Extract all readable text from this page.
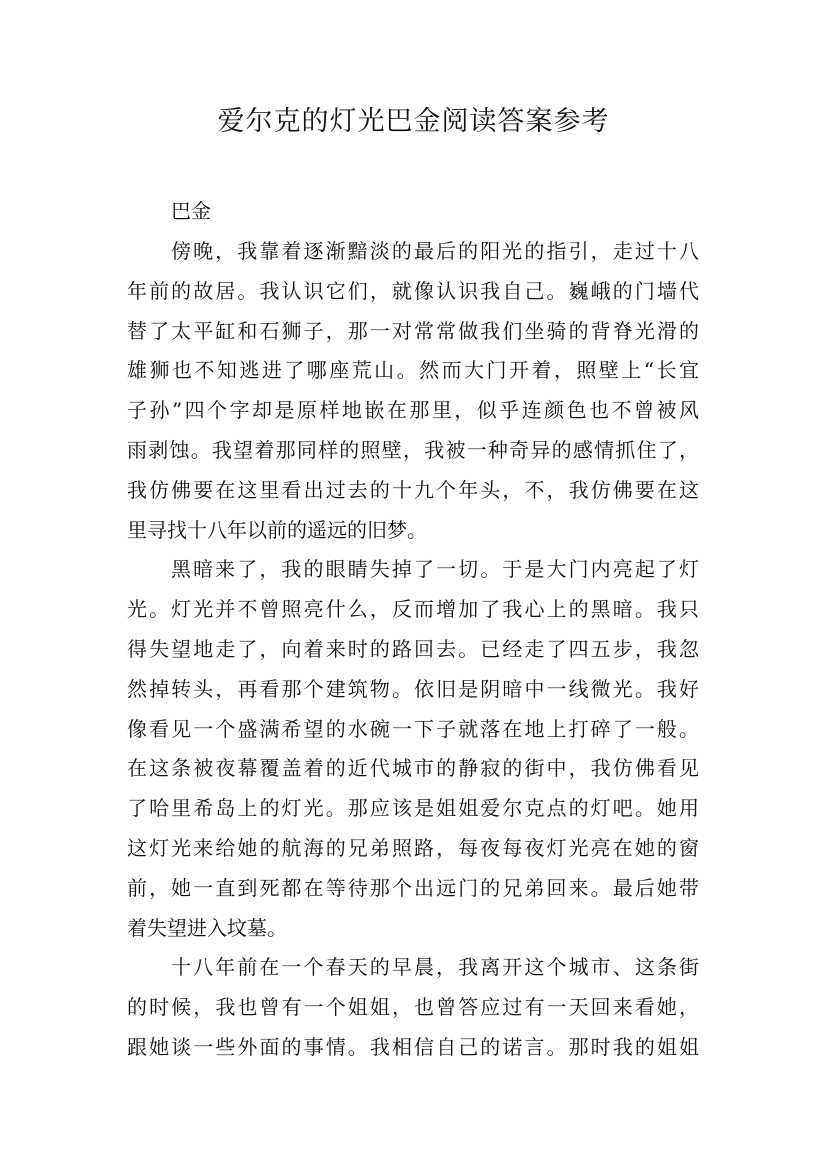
爱尔克的灯光巴金阅读答案参考

巴金

傍晚，我靠着逐渐黯淡的最后的阳光的指引，走过十八
年前的故居。我认识它们，就像认识我自己。巍峨的门墙代
替了太平缸和石狮子，那一对常常做我们坐骑的背脊光滑的
雄狮也不知逃进了哪座荒山。然而大门开着，照壁上“长宜
子孙”四个字却是原样地嵌在那里，似乎连颜色也不曾被风
雨剥蚀。我望着那同样的照壁，我被一种奇异的感情抓住了，
我仿佛要在这里看出过去的十九个年头，不，我仿佛要在这
里寻找十八年以前的遥远的旧梦。
黑暗来了，我的眼睛失掉了一切。于是大门内亮起了灯
光。灯光并不曾照亮什么，反而增加了我心上的黑暗。我只
得失望地走了，向着来时的路回去。已经走了四五步，我忽
然掉转头，再看那个建筑物。依旧是阴暗中一线微光。我好
像看见一个盛满希望的水碗一下子就落在地上打碎了一般。
在这条被夜幕覆盖着的近代城市的静寂的街中，我仿佛看见
了哈里希岛上的灯光。那应该是姐姐爱尔克点的灯吧。她用
这灯光来给她的航海的兄弟照路，每夜每夜灯光亮在她的窗
前，她一直到死都在等待那个出远门的兄弟回来。最后她带
着失望进入坟墓。
十八年前在一个春天的早晨，我离开这个城市、这条街
的时候，我也曾有一个姐姐，也曾答应过有一天回来看她，
跟她谈一些外面的事情。我相信自己的诺言。那时我的姐姐
